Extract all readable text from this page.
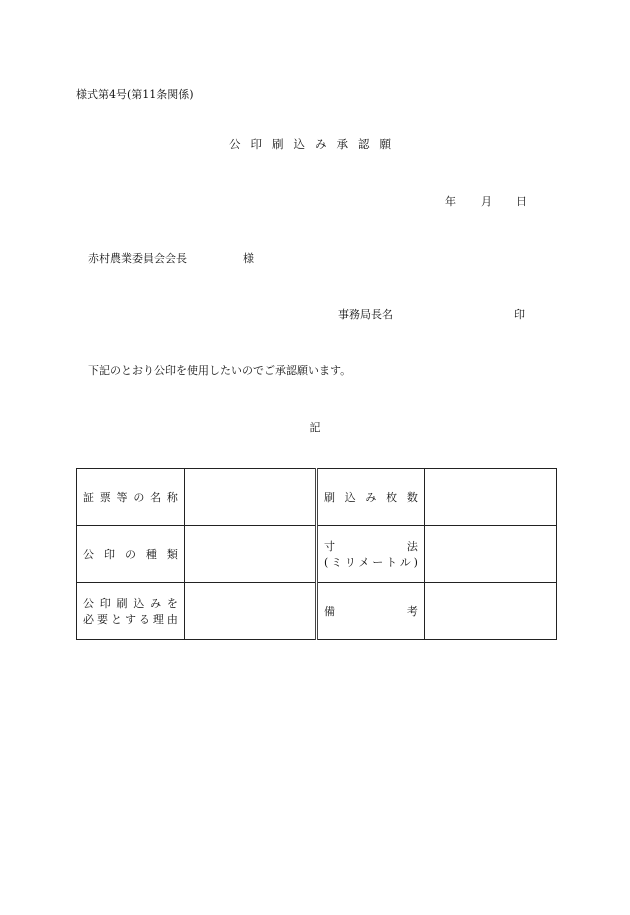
様式第4号(第11条関係)
公印刷込み承認願
年 月 日
赤村農業委員会会長	様
事務局長名	印
下記のとおり公印を使用したいのでご承認願います。
記
証票等の名称		刷込み枚数	
公印の種類		寸法
(ミリメートル)	

公印刷込みを
必要とする理由		備考	
